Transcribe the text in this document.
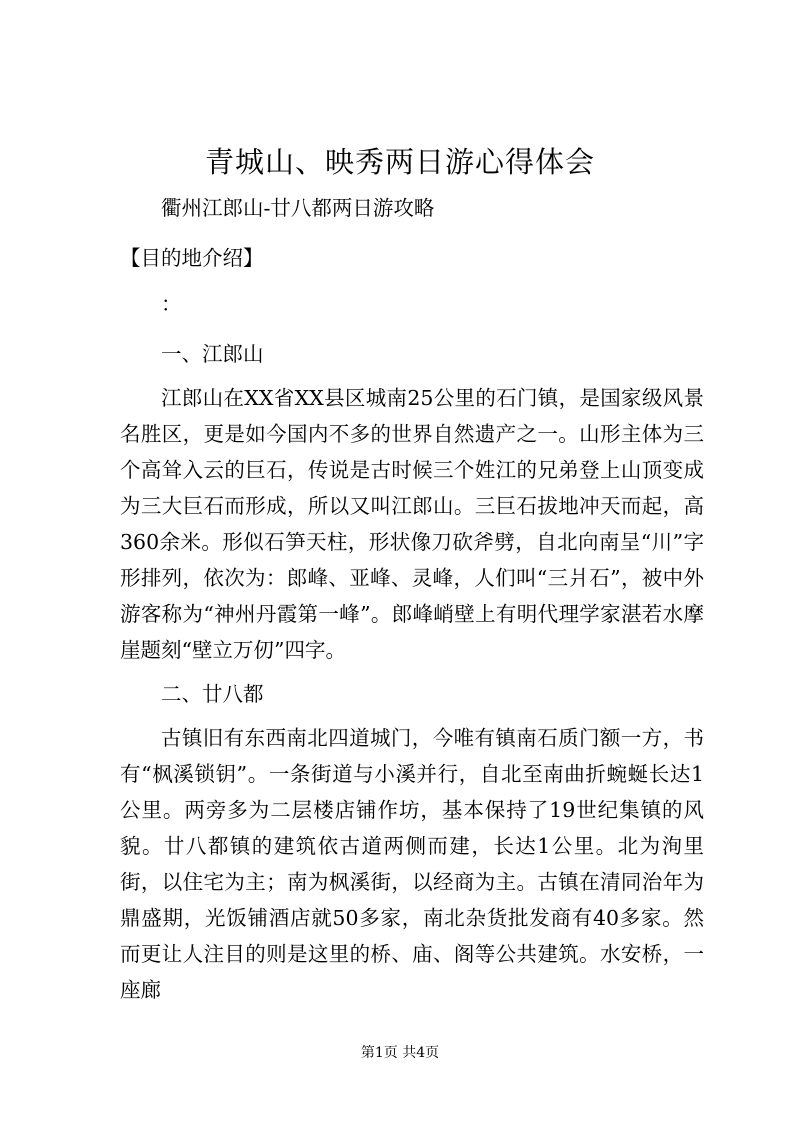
青城山、映秀两日游心得体会

衢州江郎山-廿八都两日游攻略

【目的地介绍】

：

一、江郎山

江郎山在XX省XX县区城南25公里的石门镇，是国家级风景名胜区，更是如今国内不多的世界自然遗产之一。山形主体为三个高耸入云的巨石，传说是古时候三个姓江的兄弟登上山顶变成为三大巨石而形成，所以又叫江郎山。三巨石拔地冲天而起，高360余米。形似石笋天柱，形状像刀砍斧劈，自北向南呈“川”字形排列，依次为：郎峰、亚峰、灵峰，人们叫“三爿石”，被中外游客称为“神州丹霞第一峰”。郎峰峭壁上有明代理学家湛若水摩崖题刻“壁立万仞”四字。

二、廿八都

古镇旧有东西南北四道城门，今唯有镇南石质门额一方，书有“枫溪锁钥”。一条街道与小溪并行，自北至南曲折蜿蜒长达1公里。两旁多为二层楼店铺作坊，基本保持了19世纪集镇的风貌。廿八都镇的建筑依古道两侧而建，长达1公里。北为洵里街，以住宅为主；南为枫溪街，以经商为主。古镇在清同治年为鼎盛期，光饭铺酒店就50多家，南北杂货批发商有40多家。然而更让人注目的则是这里的桥、庙、阁等公共建筑。水安桥，一座廊

第1页 共4页
